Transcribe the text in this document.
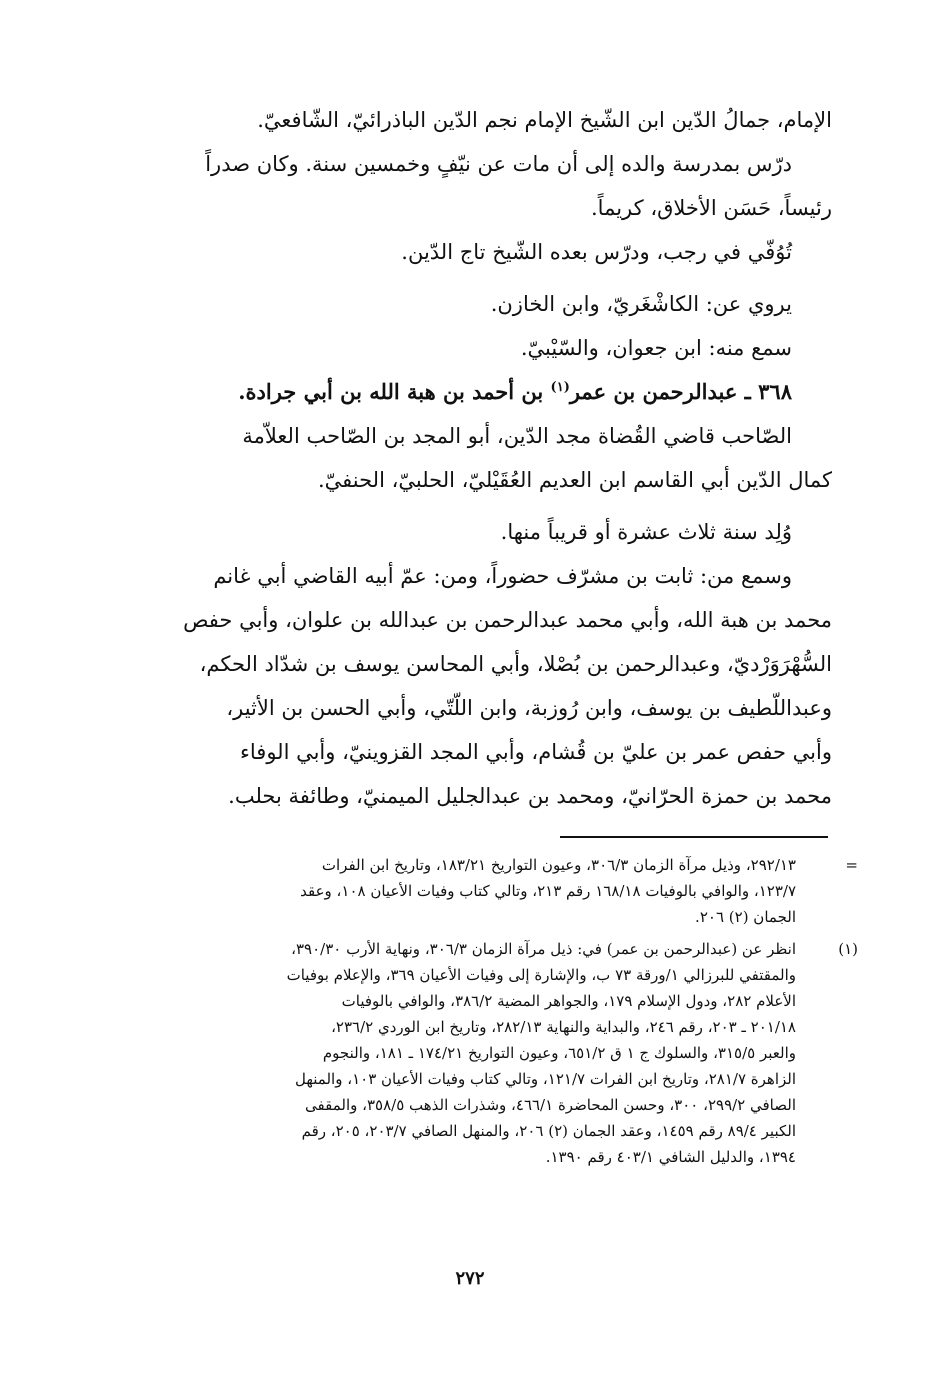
الإمام، جمالُ الدّين ابن الشّيخ الإمام نجم الدّين الباذرائيّ، الشّافعيّ.
درّس بمدرسة والده إلى أن مات عن نيّفٍ وخمسين سنة. وكان صدراً
رئيساً، حَسَن الأخلاق، كريماً.
تُوُفّي في رجب، ودرّس بعده الشّيخ تاج الدّين.
يروي عن: الكاشْغَريّ، وابن الخازن.
سمع منه: ابن جعوان، والسّيْبيّ.
٣٦٨ ـ عبدالرحمن بن عمر$^{(١)}$ بن أحمد بن هبة الله بن أبي جرادة.
الصّاحب قاضي القُضاة مجد الدّين، أبو المجد بن الصّاحب العلاّمة
كمال الدّين أبي القاسم ابن العديم العُقَيْليّ، الحلبيّ، الحنفيّ.
وُلِد سنة ثلاث عشرة أو قريباً منها.
وسمع من: ثابت بن مشرّف حضوراً، ومن: عمّ أبيه القاضي أبي غانم
محمد بن هبة الله، وأبي محمد عبدالرحمن بن عبدالله بن علوان، وأبي حفص
السُّهْرَوَرْديّ، وعبدالرحمن بن بُصْلا، وأبي المحاسن يوسف بن شدّاد الحكم،
وعبداللّطيف بن يوسف، وابن رُوزبة، وابن اللّتّي، وأبي الحسن بن الأثير،
وأبي حفص عمر بن عليّ بن قُشام، وأبي المجد القزوينيّ، وأبي الوفاء
محمد بن حمزة الحرّانيّ، ومحمد بن عبدالجليل الميمنيّ، وطائفة بحلب.
=
٢٩٢/١٣، وذيل مرآة الزمان ٣٠٦/٣، وعيون التواريخ ١٨٣/٢١، وتاريخ ابن الفرات
١٢٣/٧، والوافي بالوفيات ١٦٨/١٨ رقم ٢١٣، وتالي كتاب وفيات الأعيان ١٠٨، وعقد
الجمان (٢) ٢٠٦.
(١)
انظر عن (عبدالرحمن بن عمر) في: ذيل مرآة الزمان ٣٠٦/٣، ونهاية الأرب ٣٩٠/٣٠،
والمقتفي للبرزالي ١/ورقة ٧٣ ب، والإشارة إلى وفيات الأعيان ٣٦٩، والإعلام بوفيات
الأعلام ٢٨٢، ودول الإسلام ١٧٩، والجواهر المضية ٣٨٦/٢، والوافي بالوفيات
٢٠١/١٨ ـ ٢٠٣، رقم ٢٤٦، والبداية والنهاية ٢٨٢/١٣، وتاريخ ابن الوردي ٢٣٦/٢،
والعبر ٣١٥/٥، والسلوك ج ١ ق ٦٥١/٢، وعيون التواريخ ١٧٤/٢١ ـ ١٨١، والنجوم
الزاهرة ٢٨١/٧، وتاريخ ابن الفرات ١٢١/٧، وتالي كتاب وفيات الأعيان ١٠٣، والمنهل
الصافي ٢٩٩/٢، ٣٠٠، وحسن المحاضرة ٤٦٦/١، وشذرات الذهب ٣٥٨/٥، والمقفى
الكبير ٨٩/٤ رقم ١٤٥٩، وعقد الجمان (٢) ٢٠٦، والمنهل الصافي ٢٠٣/٧، ٢٠٥، رقم
١٣٩٤، والدليل الشافي ٤٠٣/١ رقم ١٣٩٠.
٢٧٢
